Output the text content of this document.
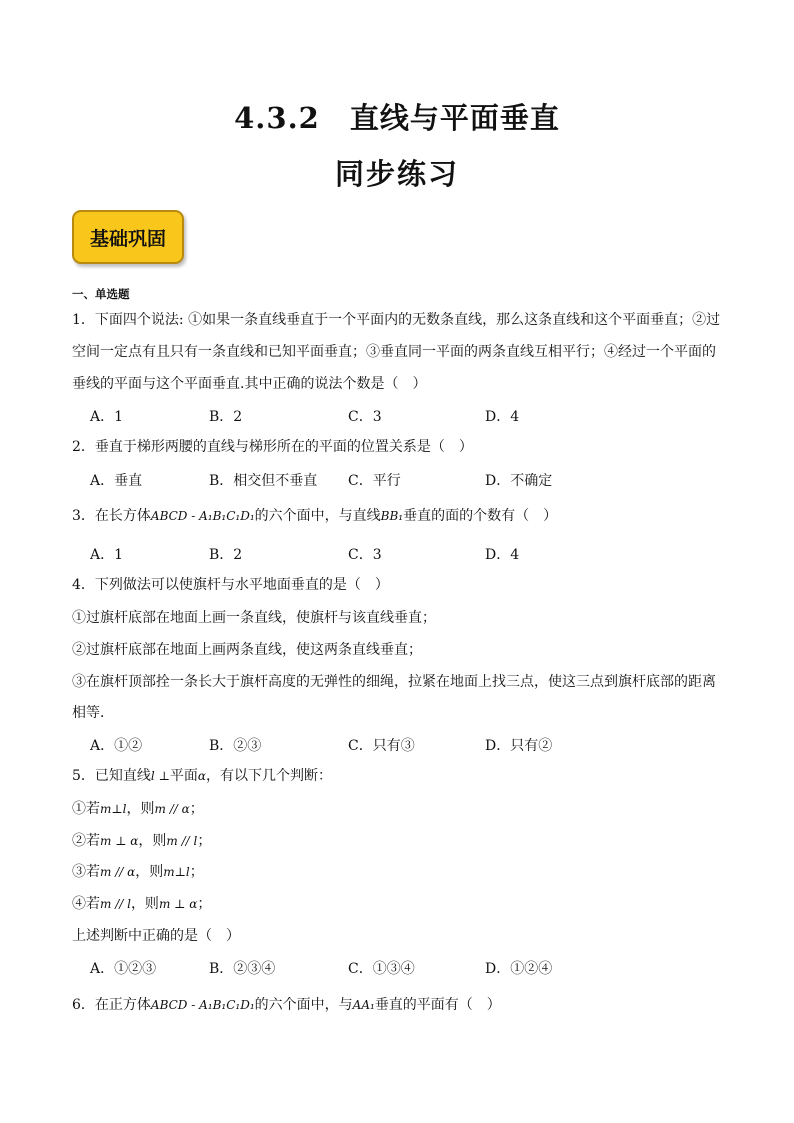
4.3.2 直线与平面垂直
同步练习
基础巩固
一、单选题
1．下面四个说法: ①如果一条直线垂直于一个平面内的无数条直线，那么这条直线和这个平面垂直；②过
空间一定点有且只有一条直线和已知平面垂直；③垂直同一平面的两条直线互相平行；④经过一个平面的
垂线的平面与这个平面垂直.其中正确的说法个数是（　）
A．1	B．2	C．3	D．4
2．垂直于梯形两腰的直线与梯形所在的平面的位置关系是（　）
A．垂直	B．相交但不垂直 C．平行	D．不确定
3．在长方体ABCD - A₁B₁C₁D₁的六个面中，与直线BB₁垂直的面的个数有（　）
A．1	B．2	C．3	D．4
4．下列做法可以使旗杆与水平地面垂直的是（　）
①过旗杆底部在地面上画一条直线，使旗杆与该直线垂直；
②过旗杆底部在地面上画两条直线，使这两条直线垂直；
③在旗杆顶部拴一条长大于旗杆高度的无弹性的细绳，拉紧在地面上找三点，使这三点到旗杆底部的距离
相等．
A．①②	B．②③	C．只有③	D．只有②
5．已知直线l ⊥平面α，有以下几个判断：
①若m⊥l，则m // α；
②若m ⊥ α，则m // l；
③若m // α，则m⊥l；
④若m // l，则m ⊥ α；
上述判断中正确的是（　）
A．①②③	B．②③④	C．①③④	D．①②④
6．在正方体ABCD - A₁B₁C₁D₁的六个面中，与AA₁垂直的平面有（　）
